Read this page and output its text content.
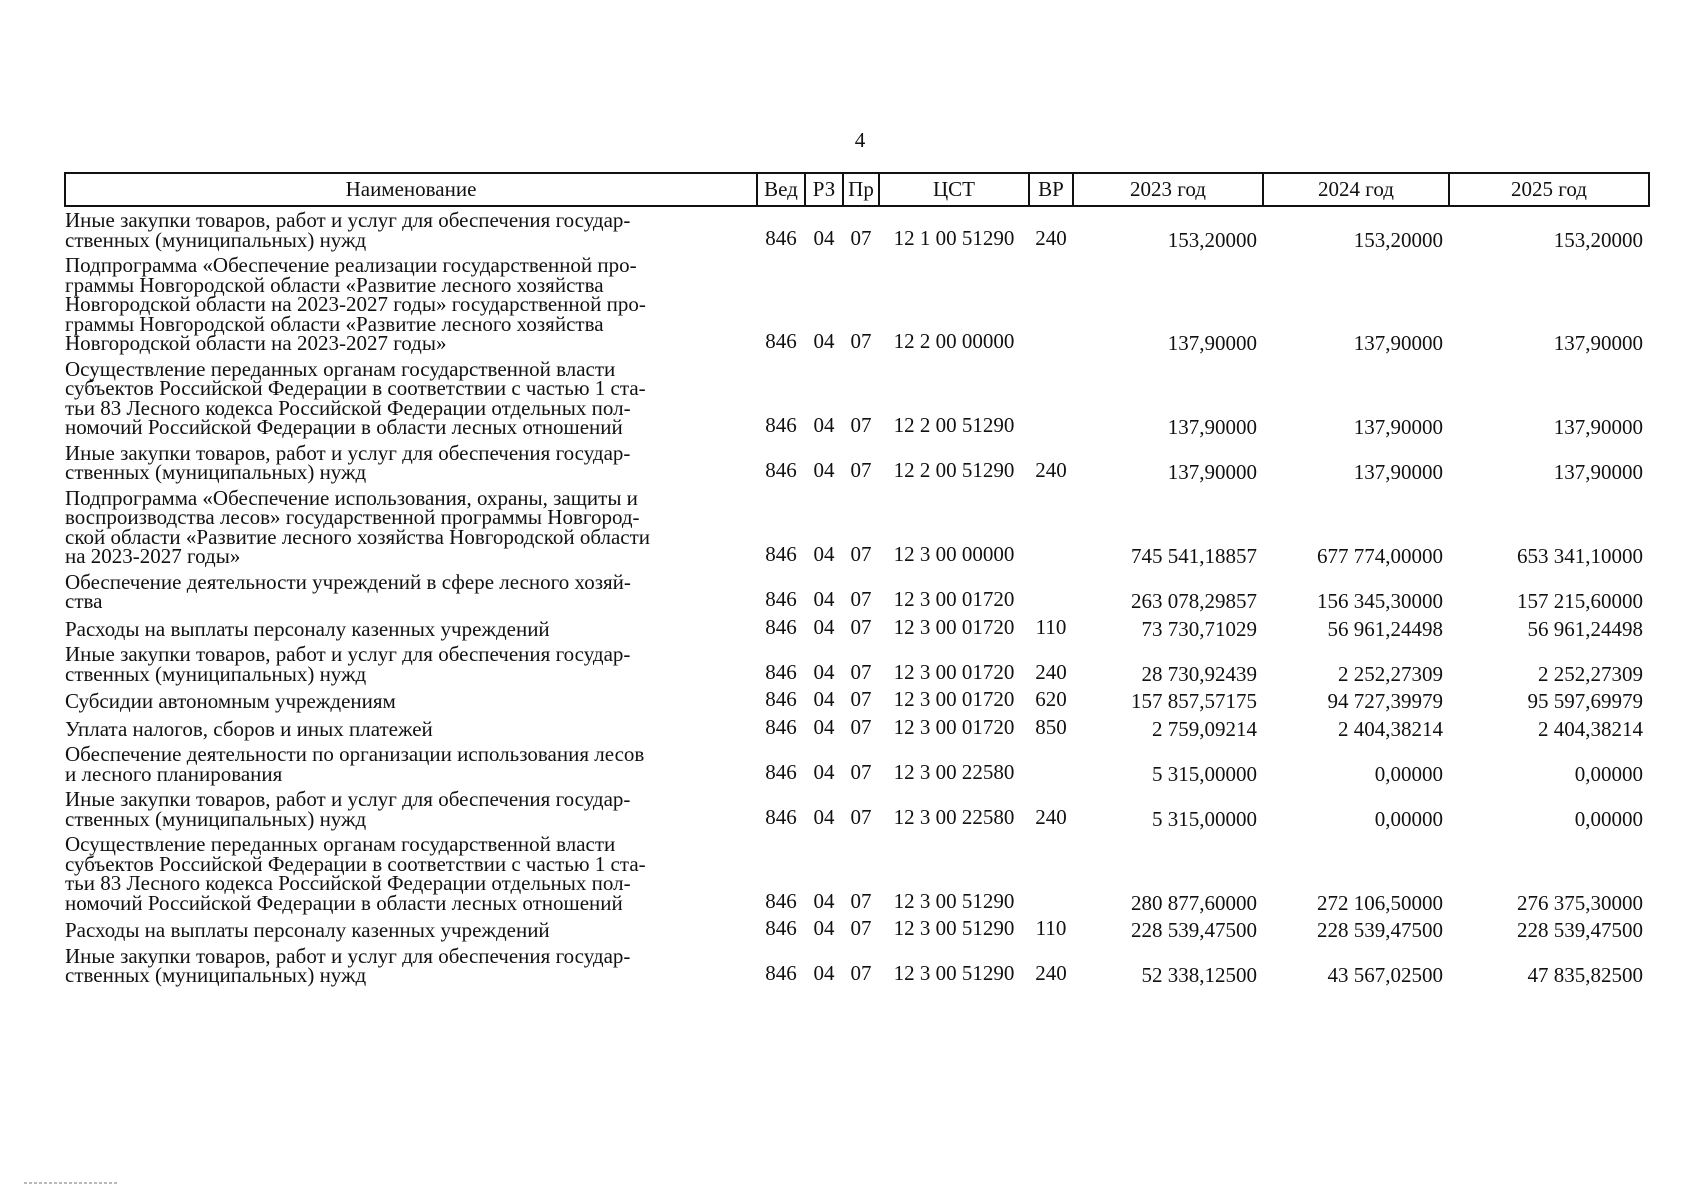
4
Наименование	Вед	РЗ	Пр	ЦСТ	ВР	2023 год	2024 год	2025 год
Иные закупки товаров, работ и услуг для обеспечения государ-
ственных (муниципальных) нужд	846	04	07	12 1 00 51290	240	153,20000	153,20000	153,20000
Подпрограмма «Обеспечение реализации государственной про-
граммы Новгородской области «Развитие лесного хозяйства
Новгородской области на 2023-2027 годы» государственной про-
граммы Новгородской области «Развитие лесного хозяйства
Новгородской области на 2023-2027 годы»	846	04	07	12 2 00 00000		137,90000	137,90000	137,90000
Осуществление переданных органам государственной власти
субъектов Российской Федерации в соответствии с частью 1 ста-
тьи 83 Лесного кодекса Российской Федерации отдельных пол-
номочий Российской Федерации в области лесных отношений	846	04	07	12 2 00 51290		137,90000	137,90000	137,90000
Иные закупки товаров, работ и услуг для обеспечения государ-
ственных (муниципальных) нужд	846	04	07	12 2 00 51290	240	137,90000	137,90000	137,90000
Подпрограмма «Обеспечение использования, охраны, защиты и
воспроизводства лесов» государственной программы Новгород-
ской области «Развитие лесного хозяйства Новгородской области
на 2023-2027 годы»	846	04	07	12 3 00 00000		745 541,18857	677 774,00000	653 341,10000
Обеспечение деятельности учреждений в сфере лесного хозяй-
ства	846	04	07	12 3 00 01720		263 078,29857	156 345,30000	157 215,60000
Расходы на выплаты персоналу казенных учреждений	846	04	07	12 3 00 01720	110	73 730,71029	56 961,24498	56 961,24498
Иные закупки товаров, работ и услуг для обеспечения государ-
ственных (муниципальных) нужд	846	04	07	12 3 00 01720	240	28 730,92439	2 252,27309	2 252,27309
Субсидии автономным учреждениям	846	04	07	12 3 00 01720	620	157 857,57175	94 727,39979	95 597,69979
Уплата налогов, сборов и иных платежей	846	04	07	12 3 00 01720	850	2 759,09214	2 404,38214	2 404,38214
Обеспечение деятельности по организации использования лесов
и лесного планирования	846	04	07	12 3 00 22580		5 315,00000	0,00000	0,00000
Иные закупки товаров, работ и услуг для обеспечения государ-
ственных (муниципальных) нужд	846	04	07	12 3 00 22580	240	5 315,00000	0,00000	0,00000
Осуществление переданных органам государственной власти
субъектов Российской Федерации в соответствии с частью 1 ста-
тьи 83 Лесного кодекса Российской Федерации отдельных пол-
номочий Российской Федерации в области лесных отношений	846	04	07	12 3 00 51290		280 877,60000	272 106,50000	276 375,30000
Расходы на выплаты персоналу казенных учреждений	846	04	07	12 3 00 51290	110	228 539,47500	228 539,47500	228 539,47500
Иные закупки товаров, работ и услуг для обеспечения государ-
ственных (муниципальных) нужд	846	04	07	12 3 00 51290	240	52 338,12500	43 567,02500	47 835,82500
